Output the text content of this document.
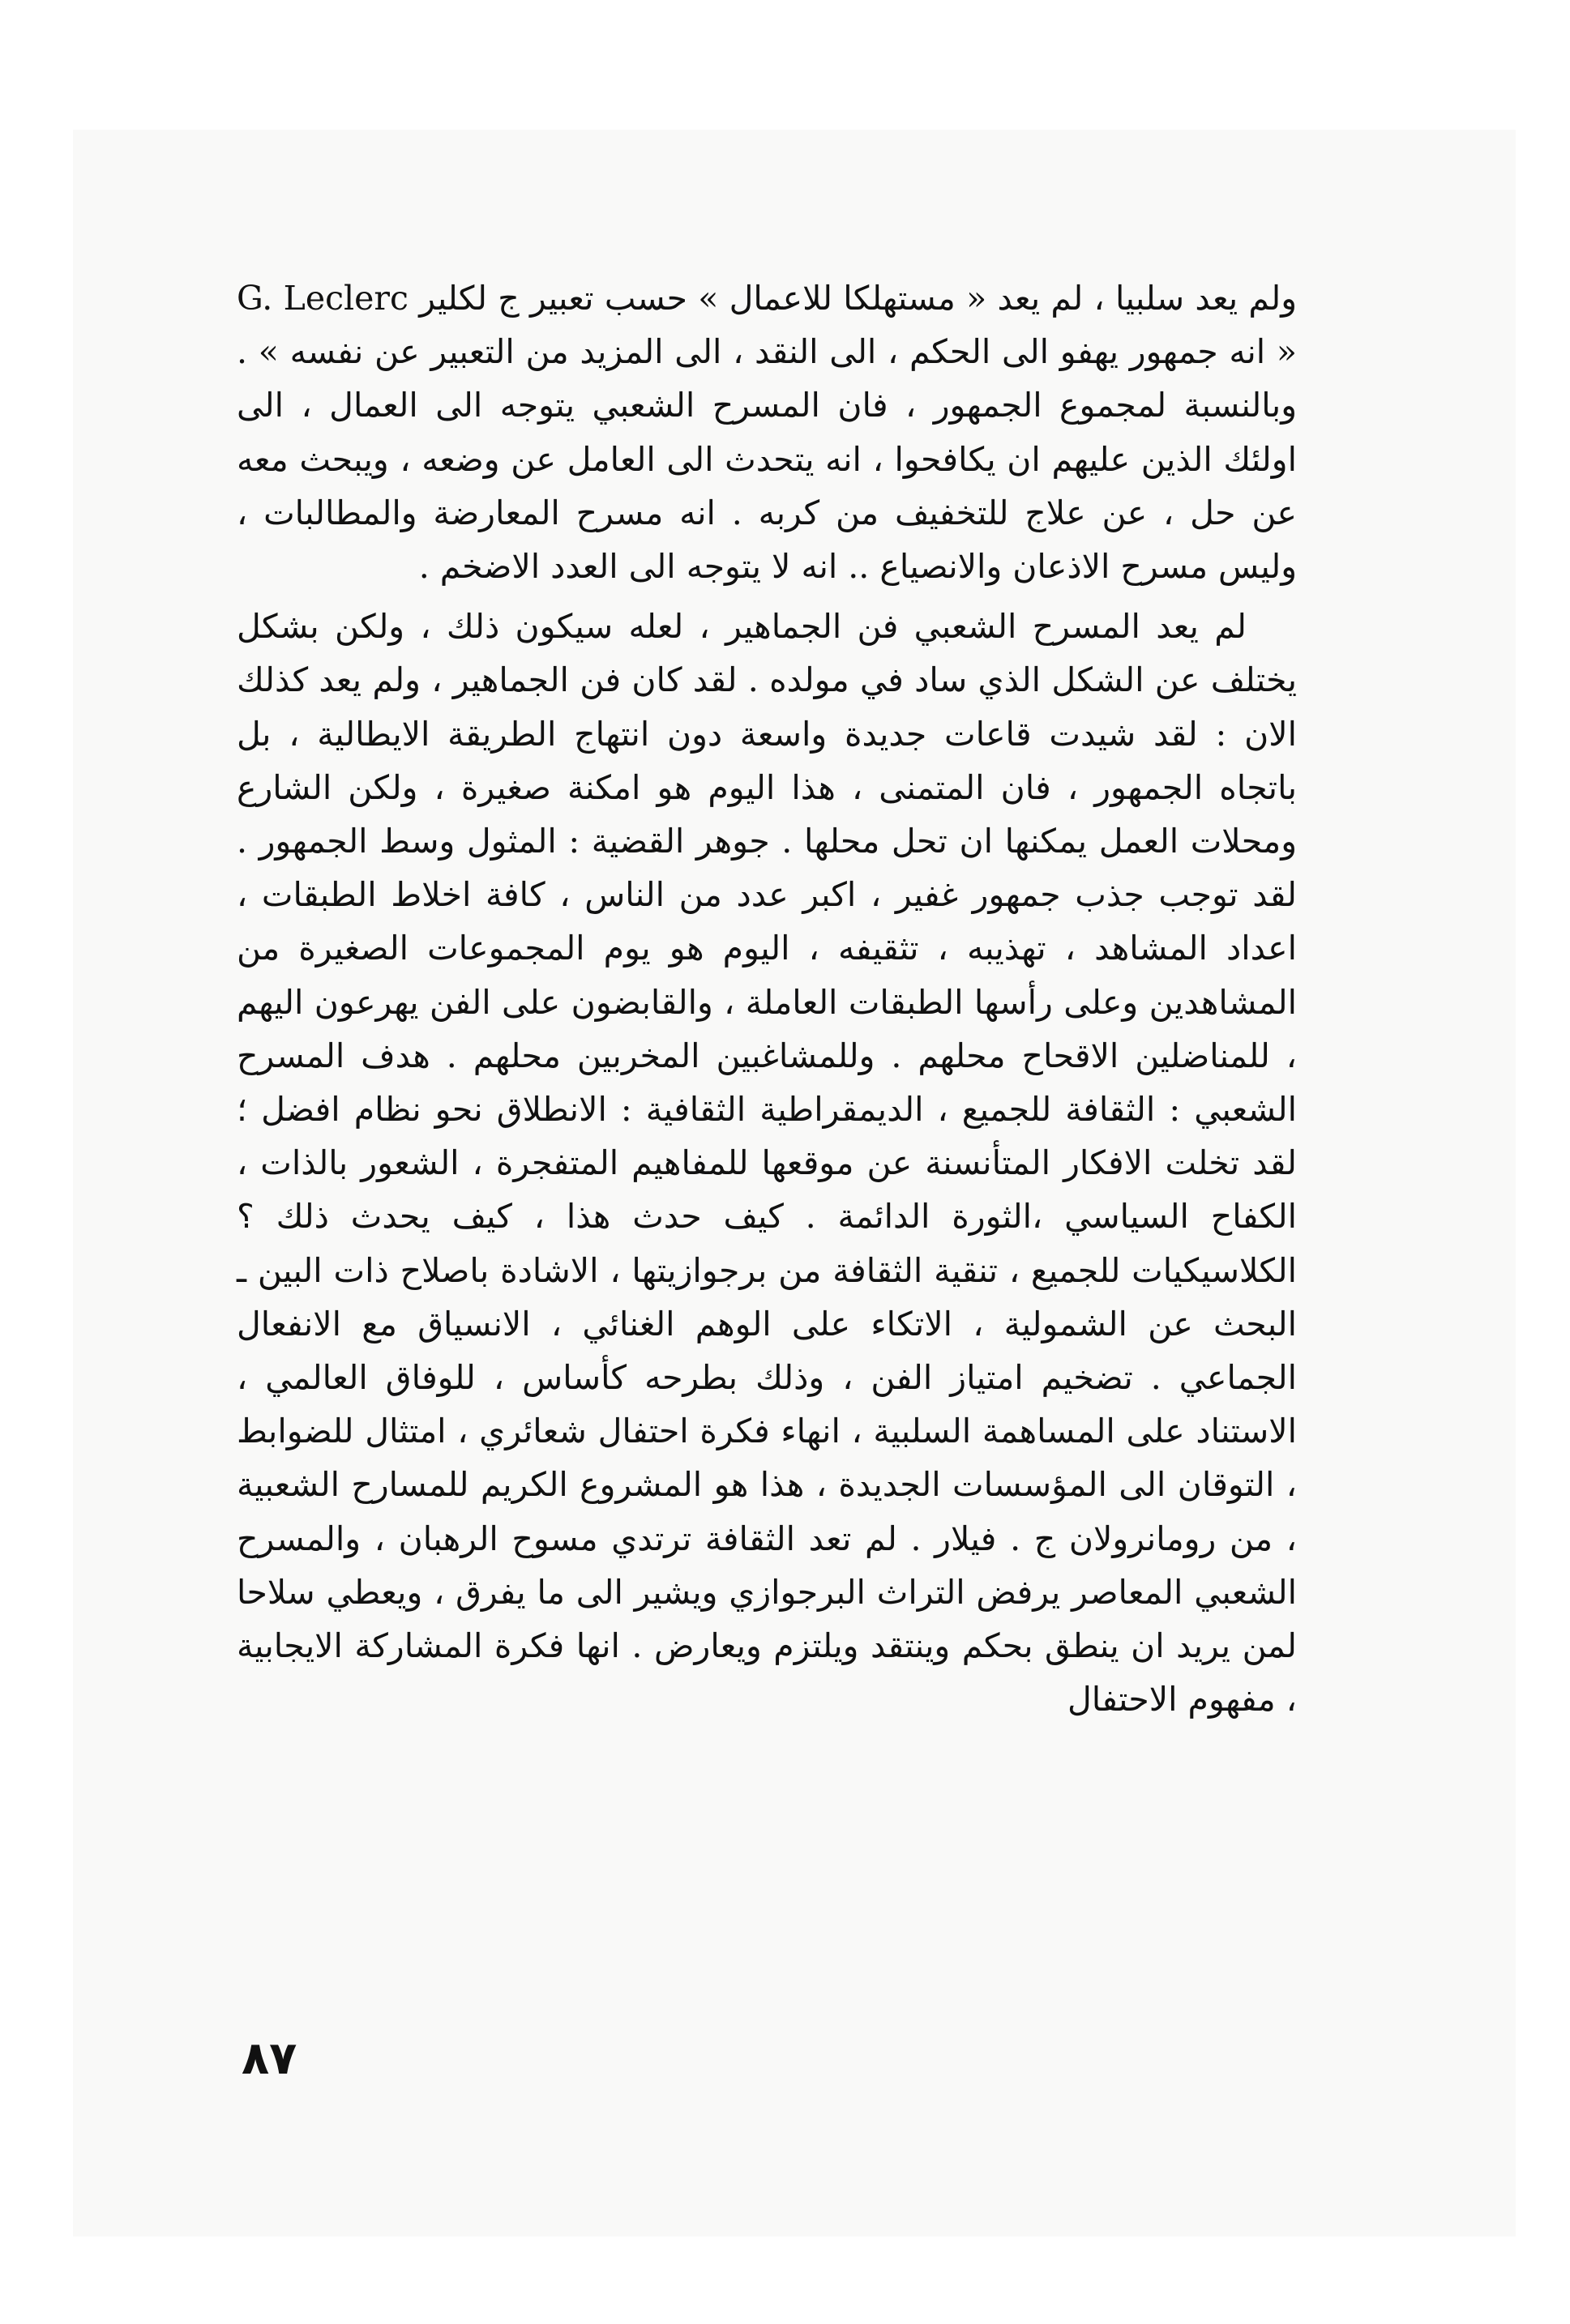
ولم يعد سلبيا ، لم يعد « مستهلكا للاعمال » حسب تعبير ج لكلير G. Leclerc « انه جمهور يهفو الى الحكم ، الى النقد ، الى المزيد من التعبير عن نفسه » . وبالنسبة لمجموع الجمهور ، فان المسرح الشعبي يتوجه الى العمال ، الى اولئك الذين عليهم ان يكافحوا ، انه يتحدث الى العامل عن وضعه ، ويبحث معه عن حل ، عن علاج للتخفيف من كربه . انه مسرح المعارضة والمطالبات ، وليس مسرح الاذعان والانصياع .. انه لا يتوجه الى العدد الاضخم .

لم يعد المسرح الشعبي فن الجماهير ، لعله سيكون ذلك ، ولكن بشكل يختلف عن الشكل الذي ساد في مولده . لقد كان فن الجماهير ، ولم يعد كذلك الان : لقد شيدت قاعات جديدة واسعة دون انتهاج الطريقة الايطالية ، بل باتجاه الجمهور ، فان المتمنى ، هذا اليوم هو امكنة صغيرة ، ولكن الشارع ومحلات العمل يمكنها ان تحل محلها . جوهر القضية : المثول وسط الجمهور . لقد توجب جذب جمهور غفير ، اكبر عدد من الناس ، كافة اخلاط الطبقات ، اعداد المشاهد ، تهذيبه ، تثقيفه ، اليوم هو يوم المجموعات الصغيرة من المشاهدين وعلى رأسها الطبقات العاملة ، والقابضون على الفن يهرعون اليهم ، للمناضلين الاقحاح محلهم . وللمشاغبين المخربين محلهم . هدف المسرح الشعبي : الثقافة للجميع ، الديمقراطية الثقافية : الانطلاق نحو نظام افضل ؛ لقد تخلت الافكار المتأنسنة عن موقعها للمفاهيم المتفجرة ، الشعور بالذات ، الكفاح السياسي ،الثورة الدائمة . كيف حدث هذا ، كيف يحدث ذلك ؟ الكلاسيكيات للجميع ، تنقية الثقافة من برجوازيتها ، الاشادة باصلاح ذات البين ـ البحث عن الشمولية ، الاتكاء على الوهم الغنائي ، الانسياق مع الانفعال الجماعي . تضخيم امتياز الفن ، وذلك بطرحه كأساس ، للوفاق العالمي ، الاستناد على المساهمة السلبية ، انهاء فكرة احتفال شعائري ، امتثال للضوابط ، التوقان الى المؤسسات الجديدة ، هذا هو المشروع الكريم للمسارح الشعبية ، من رومانرولان ج . فيلار . لم تعد الثقافة ترتدي مسوح الرهبان ، والمسرح الشعبي المعاصر يرفض التراث البرجوازي ويشير الى ما يفرق ، ويعطي سلاحا لمن يريد ان ينطق بحكم وينتقد ويلتزم ويعارض . انها فكرة المشاركة الايجابية ، مفهوم الاحتفال

٨٧
